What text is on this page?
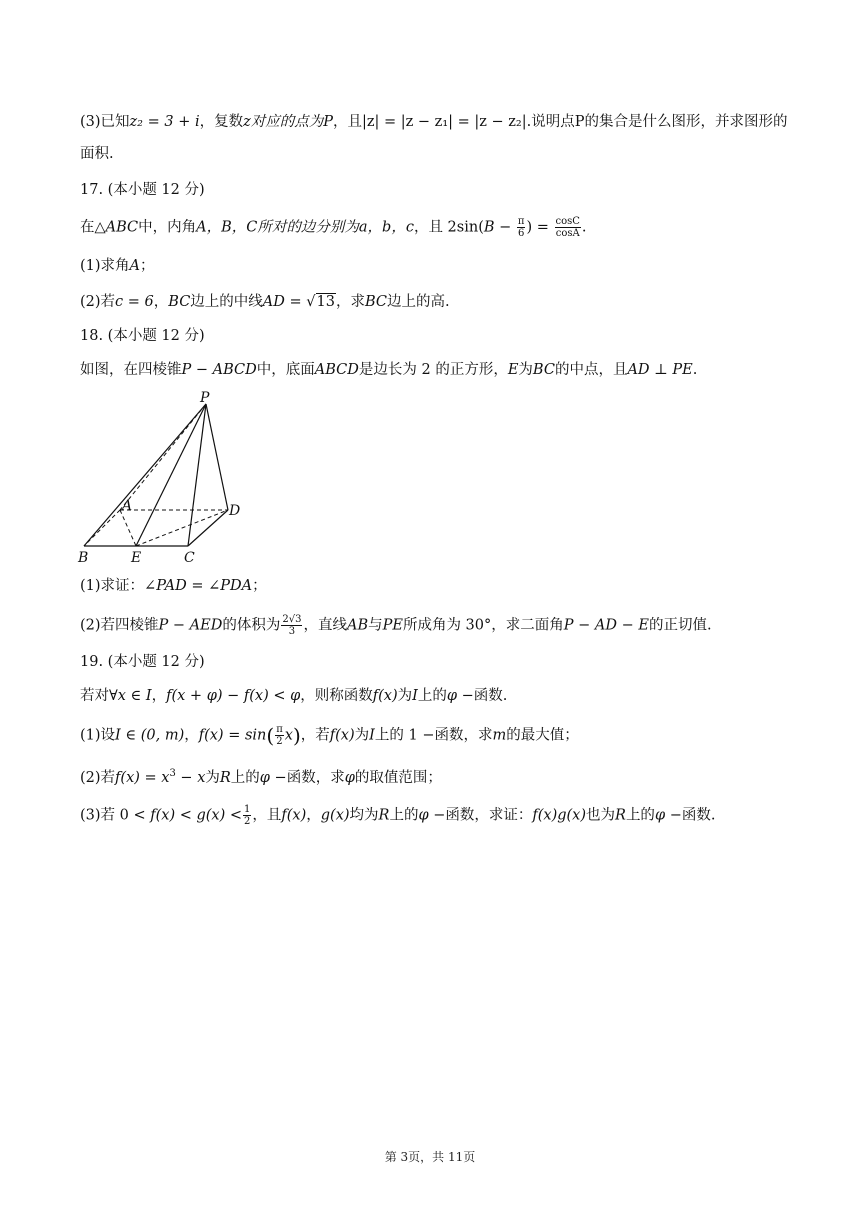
(3)已知z₂ = 3 + i，复数z对应的点为P，且|z| = |z − z₁| = |z − z₂|.说明点P的集合是什么图形，并求图形的
面积.
17. (本小题 12 分)
在△ABC中，内角A，B，C所对的边分别为a，b，c，且 $2\sin(B - \frac{\pi}{6}$ ) = $\frac{\cos C}{\cos A}$ .
(1)求角A；
(2)若c = 6，BC边上的中线AD = √13，求BC边上的高.
18. (本小题 12 分)
如图，在四棱锥P − ABCD中，底面ABCD是边长为 2 的正方形，E为BC的中点，且AD ⊥ PE.
P
A	D
B	E	C
(1)求证：∠PAD = ∠PDA；
(2)若四棱锥P − AED的体积为 $\frac{2√3}{3}$ ，直线AB与PE所成角为 30°，求二面角P − AD − E的正切值.
19. (本小题 12 分)
若对∀x ∈ I，f(x + φ) − f(x) < φ，则称函数f(x)为I上的φ −函数.
(1)设I ∈ (0, m)，$f(x) = \sin( \frac{\pi}{2} x)$，若f(x)为I上的 1 −函数，求m的最大值；
(2)若$f(x) = x^3 - x$为R上的φ −函数，求φ的取值范围；
(3)若 $0 < f(x) < g(x) < \frac{1}{2}$ ，且f(x)，g(x)均为R上的φ −函数，求证：f(x)g(x)也为R上的φ −函数.
第 3页，共 11页
